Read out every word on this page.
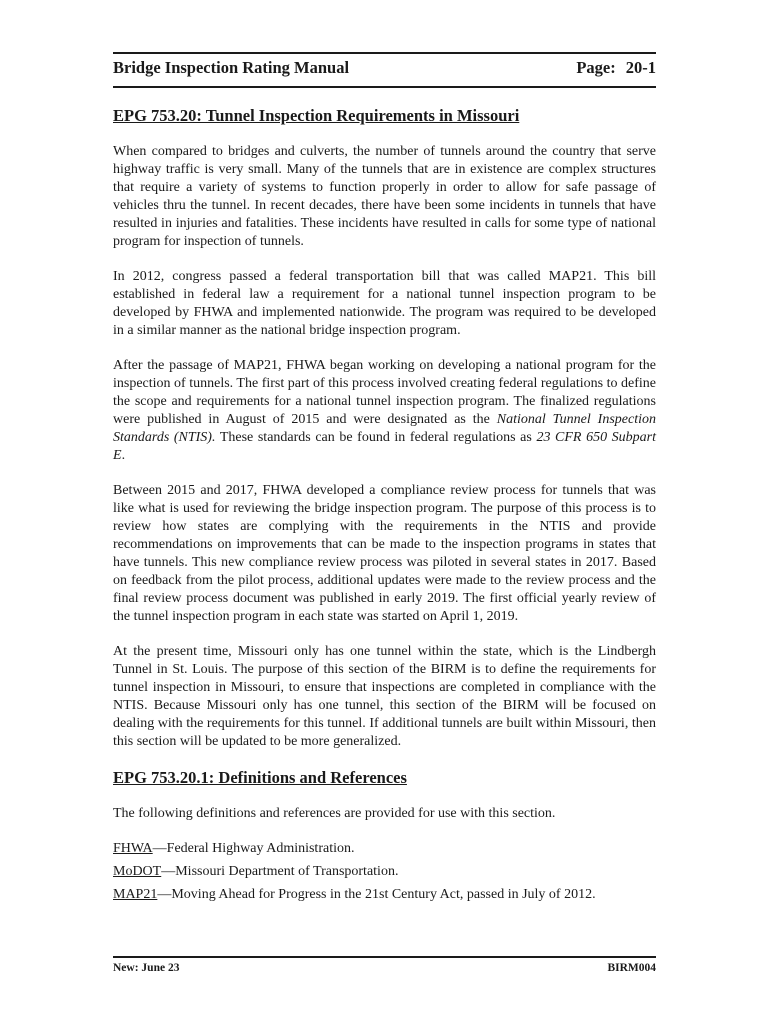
Bridge Inspection Rating Manual	Page: 20-1
EPG 753.20: Tunnel Inspection Requirements in Missouri

When compared to bridges and culverts, the number of tunnels around the country that serve highway traffic is very small. Many of the tunnels that are in existence are complex structures that require a variety of systems to function properly in order to allow for safe passage of vehicles thru the tunnel. In recent decades, there have been some incidents in tunnels that have resulted in injuries and fatalities. These incidents have resulted in calls for some type of national program for inspection of tunnels.

In 2012, congress passed a federal transportation bill that was called MAP21. This bill established in federal law a requirement for a national tunnel inspection program to be developed by FHWA and implemented nationwide. The program was required to be developed in a similar manner as the national bridge inspection program.

After the passage of MAP21, FHWA began working on developing a national program for the inspection of tunnels. The first part of this process involved creating federal regulations to define the scope and requirements for a national tunnel inspection program. The finalized regulations were published in August of 2015 and were designated as the National Tunnel Inspection Standards (NTIS). These standards can be found in federal regulations as 23 CFR 650 Subpart E.

Between 2015 and 2017, FHWA developed a compliance review process for tunnels that was like what is used for reviewing the bridge inspection program. The purpose of this process is to review how states are complying with the requirements in the NTIS and provide recommendations on improvements that can be made to the inspection programs in states that have tunnels. This new compliance review process was piloted in several states in 2017. Based on feedback from the pilot process, additional updates were made to the review process and the final review process document was published in early 2019. The first official yearly review of the tunnel inspection program in each state was started on April 1, 2019.

At the present time, Missouri only has one tunnel within the state, which is the Lindbergh Tunnel in St. Louis. The purpose of this section of the BIRM is to define the requirements for tunnel inspection in Missouri, to ensure that inspections are completed in compliance with the NTIS. Because Missouri only has one tunnel, this section of the BIRM will be focused on dealing with the requirements for this tunnel. If additional tunnels are built within Missouri, then this section will be updated to be more generalized.

EPG 753.20.1: Definitions and References

The following definitions and references are provided for use with this section.

FHWA—Federal Highway Administration.
MoDOT—Missouri Department of Transportation.
MAP21—Moving Ahead for Progress in the 21st Century Act, passed in July of 2012.
New: June 23	BIRM004
